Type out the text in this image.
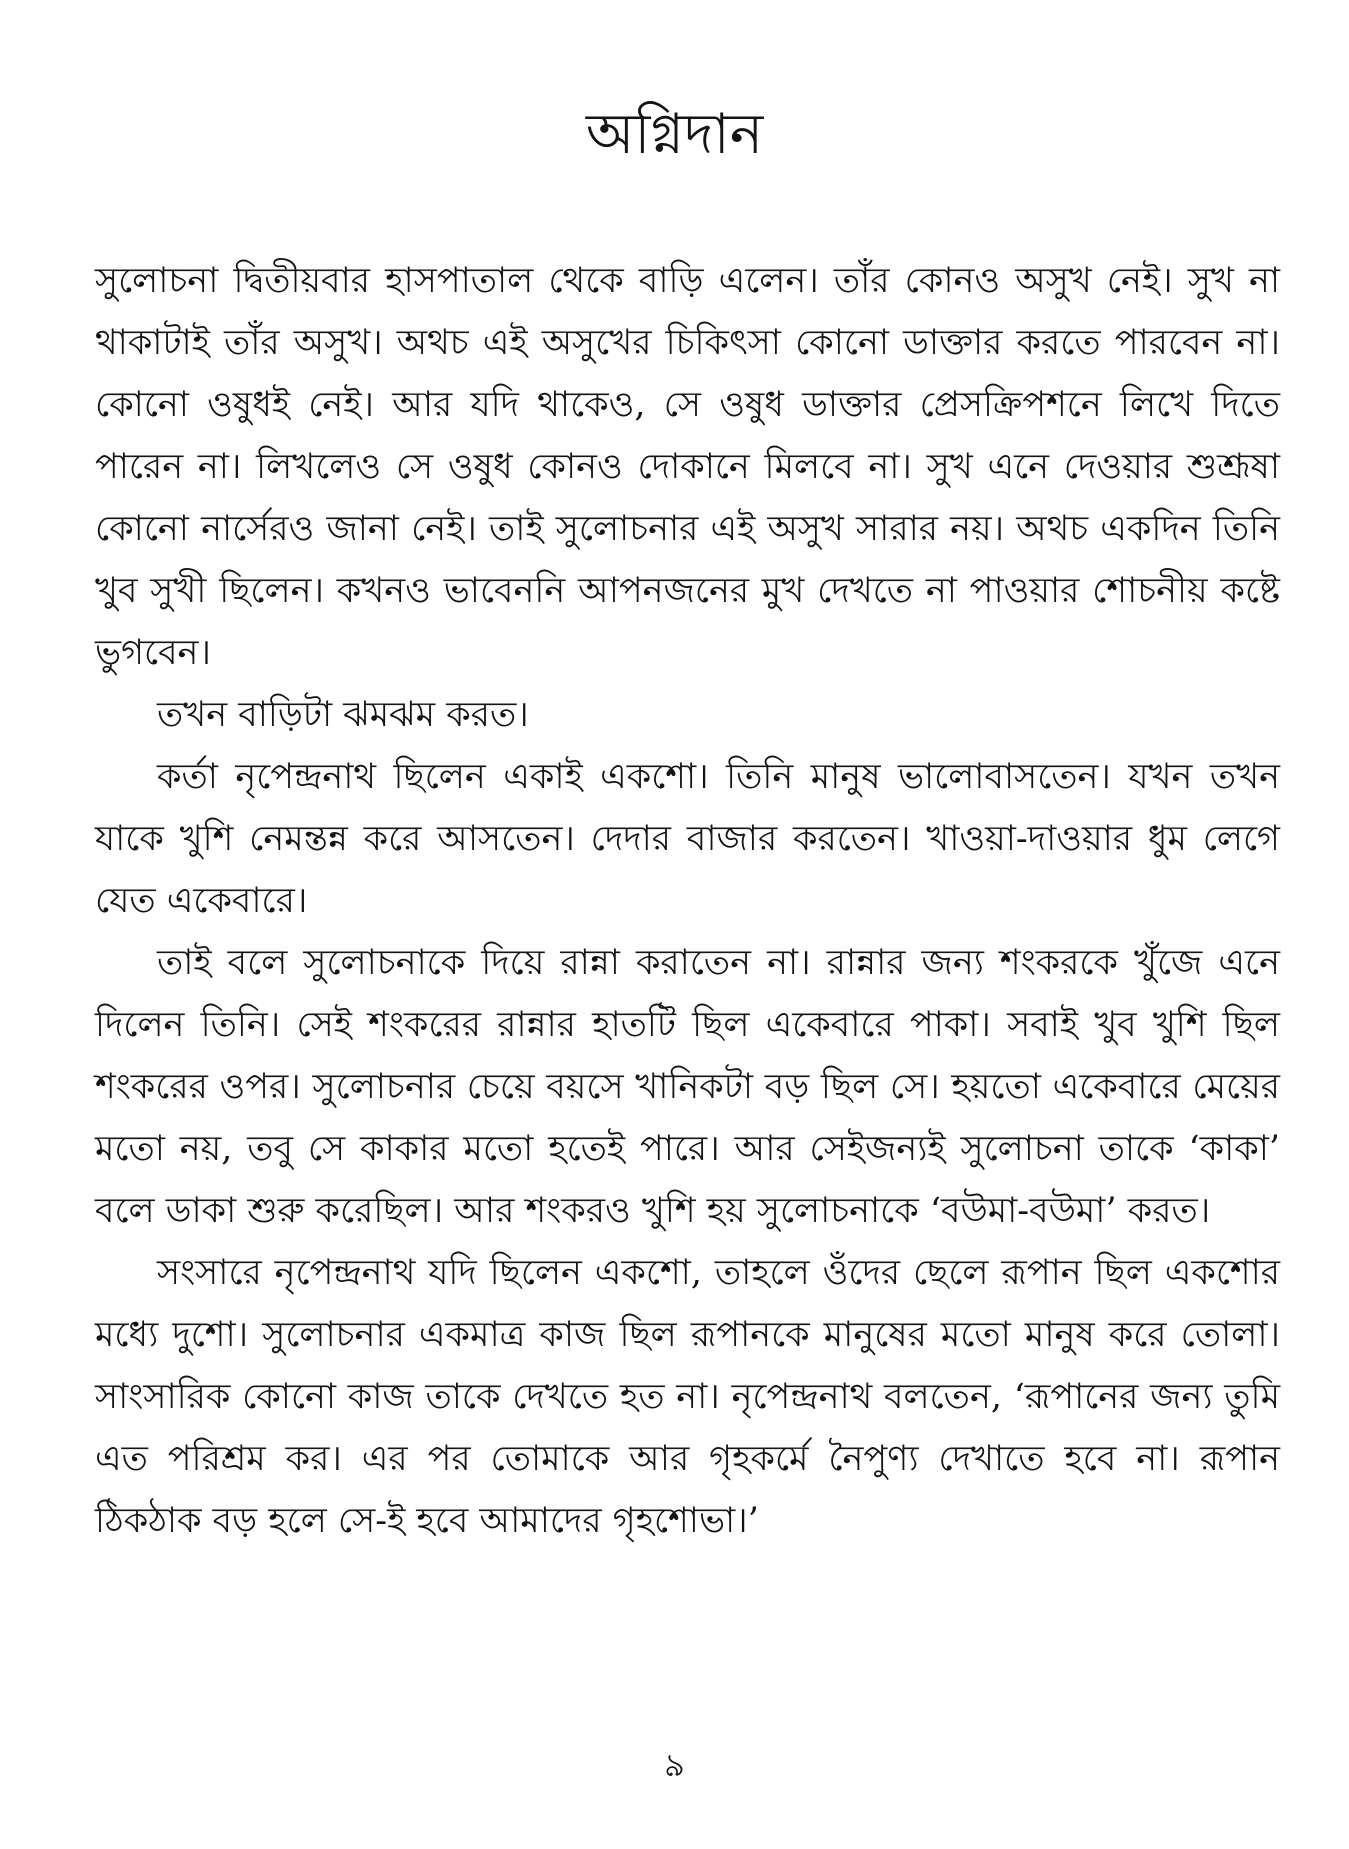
অগ্নিদান

সুলোচনা দ্বিতীয়বার হাসপাতাল থেকে বাড়ি এলেন। তাঁর কোনও অসুখ নেই। সুখ না থাকাটাই তাঁর অসুখ। অথচ এই অসুখের চিকিৎসা কোনো ডাক্তার করতে পারবেন না। কোনো ওষুধই নেই। আর যদি থাকেও, সে ওষুধ ডাক্তার প্রেসক্রিপশনে লিখে দিতে পারেন না। লিখলেও সে ওষুধ কোনও দোকানে মিলবে না। সুখ এনে দেওয়ার শুশ্রূষা কোনো নার্সেরও জানা নেই। তাই সুলোচনার এই অসুখ সারার নয়। অথচ একদিন তিনি খুব সুখী ছিলেন। কখনও ভাবেননি আপনজনের মুখ দেখতে না পাওয়ার শোচনীয় কষ্টে ভুগবেন।

তখন বাড়িটা ঝমঝম করত।

কর্তা নৃপেন্দ্রনাথ ছিলেন একাই একশো। তিনি মানুষ ভালোবাসতেন। যখন তখন যাকে খুশি নেমন্তন্ন করে আসতেন। দেদার বাজার করতেন। খাওয়া-দাওয়ার ধুম লেগে যেত একেবারে।

তাই বলে সুলোচনাকে দিয়ে রান্না করাতেন না। রান্নার জন্য শংকরকে খুঁজে এনে দিলেন তিনি। সেই শংকরের রান্নার হাতটি ছিল একেবারে পাকা। সবাই খুব খুশি ছিল শংকরের ওপর। সুলোচনার চেয়ে বয়সে খানিকটা বড় ছিল সে। হয়তো একেবারে মেয়ের মতো নয়, তবু সে কাকার মতো হতেই পারে। আর সেইজন্যই সুলোচনা তাকে ‘কাকা’ বলে ডাকা শুরু করেছিল। আর শংকরও খুশি হয় সুলোচনাকে ‘বউমা-বউমা’ করত।

সংসারে নৃপেন্দ্রনাথ যদি ছিলেন একশো, তাহলে ওঁদের ছেলে রূপান ছিল একশোর মধ্যে দুশো। সুলোচনার একমাত্র কাজ ছিল রূপানকে মানুষের মতো মানুষ করে তোলা। সাংসারিক কোনো কাজ তাকে দেখতে হত না। নৃপেন্দ্রনাথ বলতেন, ‘রূপানের জন্য তুমি এত পরিশ্রম কর। এর পর তোমাকে আর গৃহকর্মে নৈপুণ্য দেখাতে হবে না। রূপান ঠিকঠাক বড় হলে সে-ই হবে আমাদের গৃহশোভা।’

৯
